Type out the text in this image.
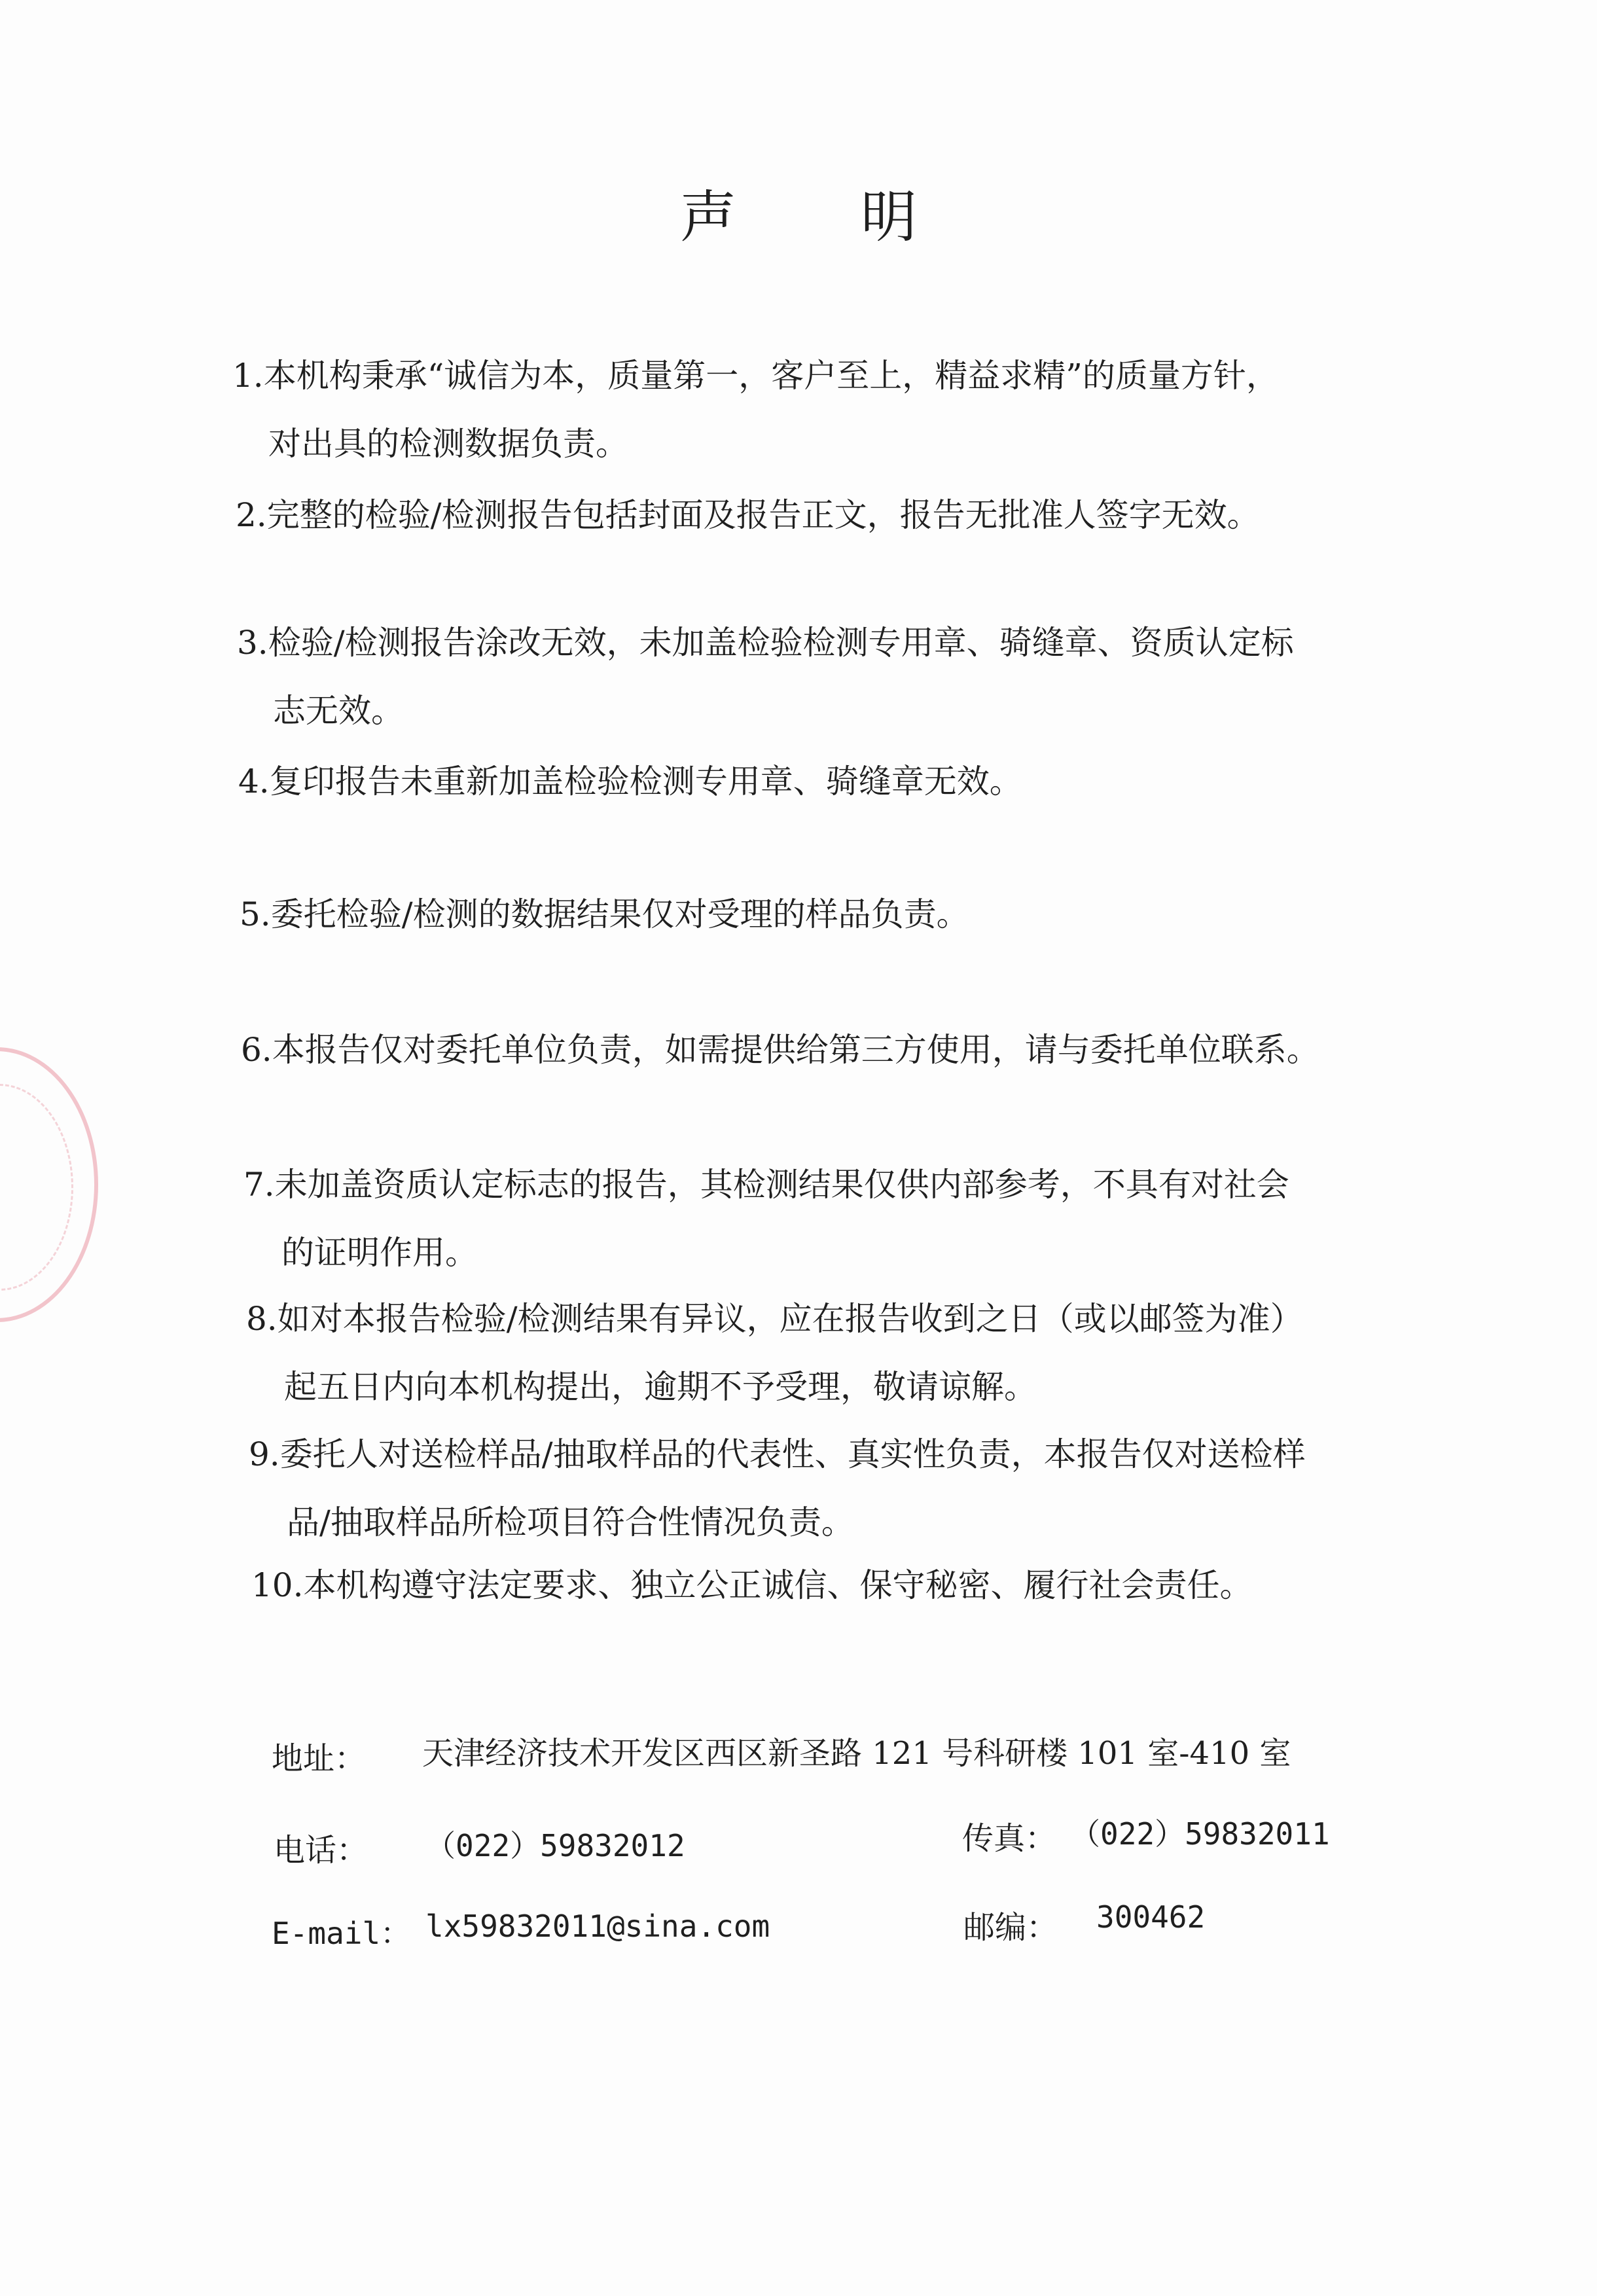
声明
1.本机构秉承“诚信为本，质量第一，客户至上，精益求精”的质量方针，
对出具的检测数据负责。
2.完整的检验/检测报告包括封面及报告正文，报告无批准人签字无效。
3.检验/检测报告涂改无效，未加盖检验检测专用章、骑缝章、资质认定标
志无效。
4.复印报告未重新加盖检验检测专用章、骑缝章无效。
5.委托检验/检测的数据结果仅对受理的样品负责。
6.本报告仅对委托单位负责，如需提供给第三方使用，请与委托单位联系。
7.未加盖资质认定标志的报告，其检测结果仅供内部参考，不具有对社会
的证明作用。
8.如对本报告检验/检测结果有异议，应在报告收到之日（或以邮签为准）
起五日内向本机构提出，逾期不予受理，敬请谅解。
9.委托人对送检样品/抽取样品的代表性、真实性负责，本报告仅对送检样
品/抽取样品所检项目符合性情况负责。
10.本机构遵守法定要求、独立公正诚信、保守秘密、履行社会责任。
地址： 天津经济技术开发区西区新圣路 121 号科研楼 101 室-410 室
电话： （022）59832012	传真： （022）59832011
E-mail： lx59832011@sina.com	邮编： 300462
